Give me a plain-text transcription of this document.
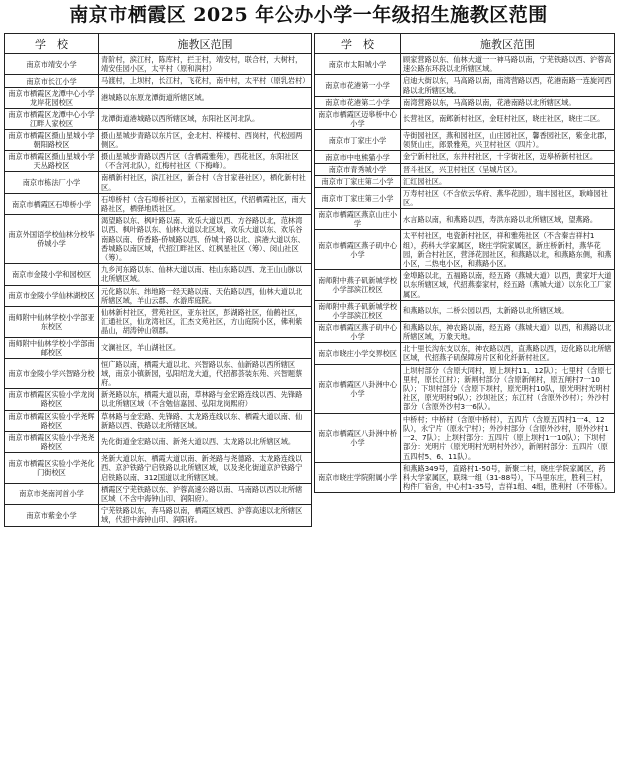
南京市栖霞区 2025 年公办小学一年级招生施教区范围
学　校	施教区范围
南京市靖安小学	青阶村，滨江村，陈库村，拦王村，靖安村，联合村，大树村，靖安佳园小区，太平村（原和润村）
南京市长江小学	马渡村，上坝村，长江村，飞花村，南中村，太平村（原乳岩村）
南京市栖霞区龙潭中心小学龙岸花园校区	港城路以东原龙潭街道所辖区域。
南京市栖霞区龙潭中心小学江畔人家校区	龙潭街道港城路以西所辖区域，东阳社区河北队。
南京市栖霞区摄山星城小学朝阳路校区	摄山星城步青路以东片区，金北村、梓楼村、西岗村，代松园两侧区。
南京市栖霞区摄山星城小学天丛路校区	摄山星城步青路以西片区（含栖霞雅苑），西花社区，东阳社区（不含河北队），红梅村社区（下梅峰）。
南京市栋法厂小学	南栖新村社区，滨江社区，新合村（含甘家巷社区），栖化新村社区。
南京市栖霞区石埠桥小学	石埠桥村（含石埠桥社区），五福家园社区，代招栖霞社区，南大路社区，栖驿地质社区。
南京外国语学校仙林分校华侨城小学	渴望路以东、枫叶路以南、欢乐大道以西、方谷路以北，范林湾以西、枫叶路以东、仙林大道以北区域，欢乐大道以东、欢乐谷南路以南、侨香路-侨城路以西、侨城十路以北、滨港大道以东、香城路以南区域，代招江畔社区、红枫星社区（筹）、闵山社区（筹）。
南京市金陵小学和园校区	九乡河东路以东、仙林大道以南、桂山东路以西、龙王山山脉以北所辖区域。
南京市金陵小学仙林湖校区	元化路以东、纬地路一经天路以南、天佑路以西，仙林大道以北所辖区域，羊山云郡、水游库庭院。
南师附中仙林学校小学部亚东校区	仙林新村社区，营苑社区，亚东社区，彭湖路社区，仙鹤社区，汇通社区，仙龙湾社区，汇杰文苑社区，方山庭院小区，佛利紫晶山，胡涛钟山领郡。
南师附中仙林学校小学部南邮校区	文澜社区，羊山湖社区。
南京市金陵小学兴智路分校	恒广路以南，栖霞大道以北、兴智路以东、仙新路以西所辖区域，南京小镇新园，弘阳绍龙大道，代招都荟装东苑、兴智题蔡府。
南京市栖霞区实验小学龙岗路校区	新尧路以东，栖霞大道以南，草林路与金宏路连线以西、先锋路以北所辖区域（不含勉信嘉园、弘阳龙岗熙府）
南京市栖霞区实验小学尧辉路校区	草林路与金宏路、先锋路、太龙路连线以东、栖霞大道以南、仙新路以西、铁路以北所辖区域。
南京市栖霞区实验小学尧尧路校区	先化街道金宏路以南、新尧大道以西、太龙路以北所辖区域。
南京市栖霞区实验小学尧化门街校区	尧新大道以东、栖霞大道以南、新尧路与尧德路、太龙路连线以西、京沪铁路宁启铁路以北所辖区域，以及尧化街道京沪铁路宁启铁路以南、312国道以北所辖区域。
南京市尧南河首小学	栖霞区宁芜铁路以东、沪蓉高速公路以南、马南路以西以北所辖区域（不含中海钟山印、润阳府）。
南京市紫金小学	宁芜铁路以东，奔马路以南，栖霞区城西、沪蓉高速以北所辖区域，代招中海钟山印、润阳府。
学　校	施教区范围
南京市太阳城小学	顾家营路以东、仙林大道一一神马路以南，宁芜铁路以西、沪蓉高速公路东环段以北所辖区域。
南京市花港第一小学	启迪大街以东，马高路以南，南湾营路以西，花港南路一连旋河西路以北所辖区域。
南京市花港第二小学	南湾营路以东，马高路以南，花港南路以北所辖区域。
南京市栖霞区迈皋桥中心小学	长营社区，南邺新村社区，金旺村社区，晓庄社区，晓庄二区。
南京市丁家庄小学	寺街园社区，燕和园社区，山庄园社区，馨香园社区，紫金北郡，领贤山庄，郎景雅苑，兴卫村社区（四片）。
南京市中电熊猫小学	金宁新村社区，东井村社区，十字街社区，迈皋桥新村社区。
南京市青秀城小学	晋斗社区，兴卫村社区（呈城片区）。
南京市丁家庄第二小学	汇红园社区。
南京市丁家庄第三小学	万寿村社区（不含依云华府、燕华花园），瑞丰园社区，耿峰园社区。
南京市栖霞区燕京山庄小学	水言路以南，和燕路以西，寿洪东路以北所辖区域，望燕路。
南京市栖霞区燕子矶中心小学	太平村社区，电瓷新村社区，祥和雅苑社区（不含秦吉祥村1组），药科大学家属区，晓庄学院家属区，新庄桥新村，燕华花园，新合村社区，营泽花园社区，和燕路以北，和燕路东侧，和燕小区，二热电小区，和燕路小区。
南师附中燕子矶新城学校小学部滨江校区	金埠路以北，五福路以南，经五路（燕城大道）以西，黄家圩大道以东所辖区域，代招燕泰家村，经五路（燕城大道）以东化工厂家属区。
南师附中燕子矶新城学校小学部滨江校区	和燕路以东，二桥公园以西，太新路以北所辖区域。
南京市栖霞区燕子矶中心小学	和燕路以东，神农路以南，经五路（燕城大道）以西，和燕路以北所辖区域，万象天地。
南京市晓庄小学交界校区	北十里长沟东支以东，神农路以西，直燕路以西，迈化路以北所辖区域，代招燕子矶保障房片区和化纤新村社区。
南京市栖霞区八卦洲中心小学	上坝村部分（含原大同村，原上坝村11、12队）；七里村（含原七里村，原长江村）；新闸村部分（含原新闸村，原五闸村7一10队）；下坝村部分（含原下坝村，原光明村10队，原光明村光明村社区，原光明村9队）；沙坝社区；东江村（含原外沙村）；外沙村部分（含原外沙村3一6队）。
南京市栖霞区八卦洲中桥小学	中桥村；中桥村（含原中桥村），五四片（含原五四村1一4、12队），永宁片（原永宁村）；外沙村部分（含原外沙村，原外沙村1一2、7队）；上坝村部分：五四片（原上坝村1一10队）；下坝村部分：光明片（原光明村光明村外沙），新闸村部分：五四片（原五四村5、6、11队）。
南京市晓庄学院附属小学	和燕路349号，直路村1-50号，新聚二村，晓庄学院家属区，药科大学家属区，联珠一组（31-88号），下马里东庄，胜利三村，构件厂宿舍，中心村1-35号，吉祥1组、4组，胜利村（不带栋）。
